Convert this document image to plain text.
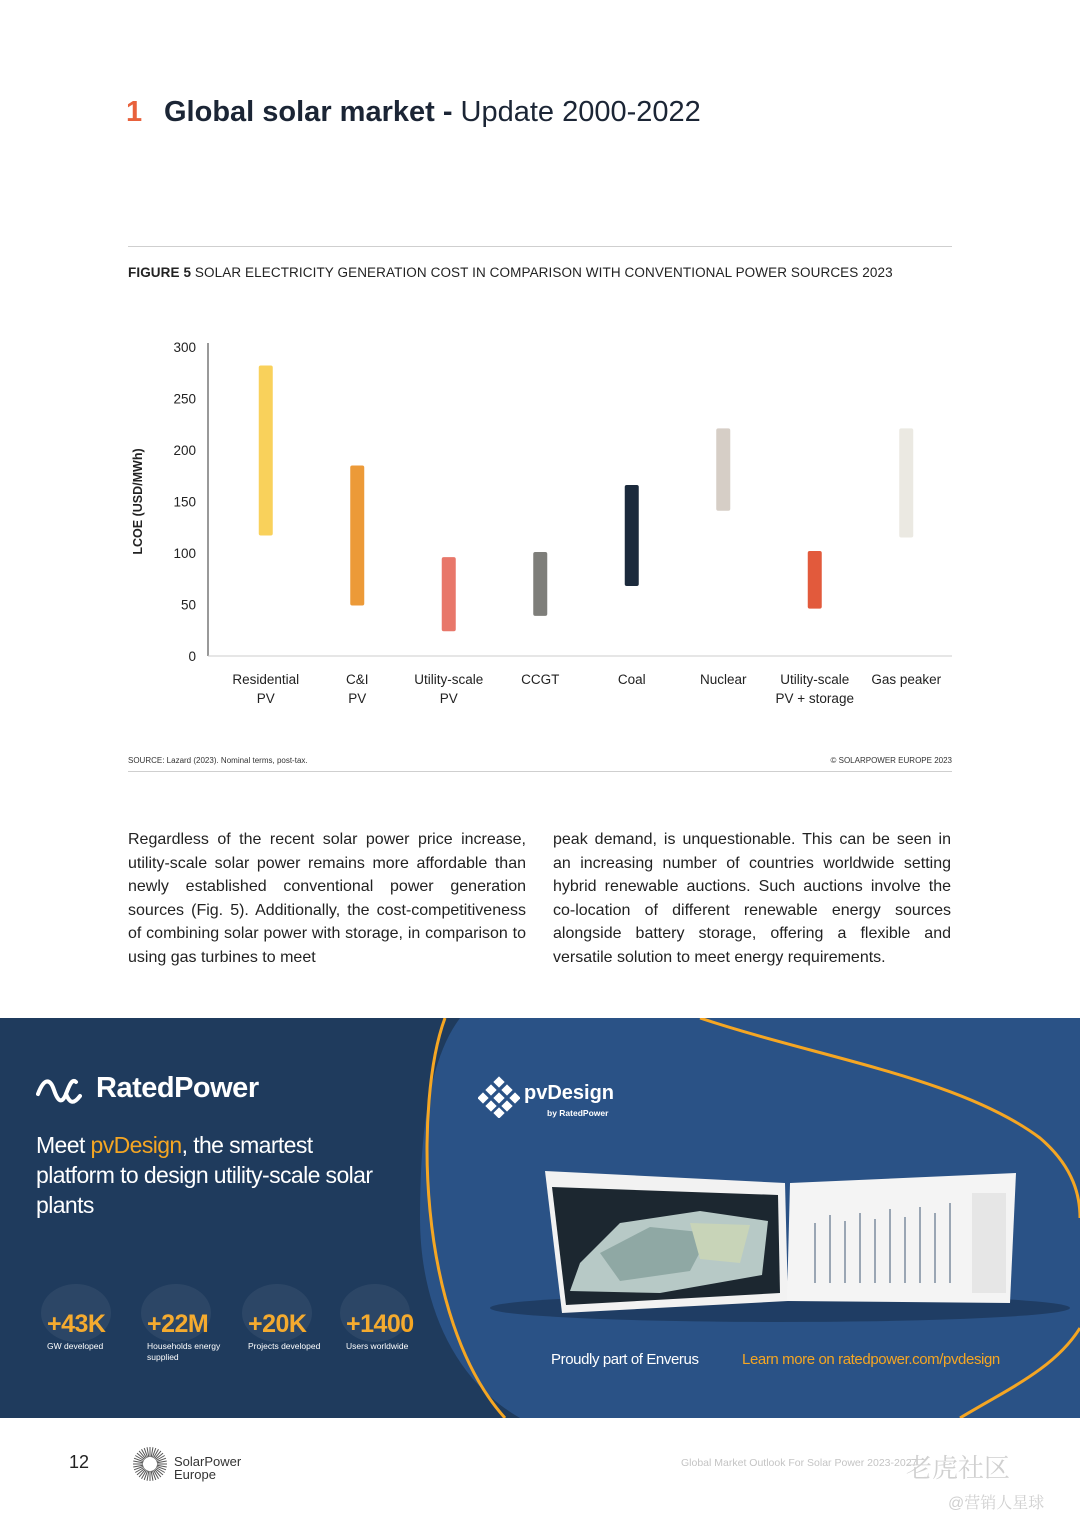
1 Global solar market - Update 2000-2022
FIGURE 5 SOLAR ELECTRICITY GENERATION COST IN COMPARISON WITH CONVENTIONAL POWER SOURCES 2023
0
50
100
150
200
250
300
LCOE (USD/MWh)
Residential
PV
C&I
PV
Utility-scale
PV
CCGT	Coal	Nuclear Utility-scale
PV + storage
Gas peaker
SOURCE: Lazard (2023). Nominal terms, post-tax.	© SOLARPOWER EUROPE 2023
Regardless of the recent solar power price increase, utility-scale solar power remains more affordable than newly established conventional power generation sources (Fig. 5). Additionally, the cost-competitiveness of combining solar power with storage, in comparison to using gas turbines to meet
peak demand, is unquestionable. This can be seen in an increasing number of countries worldwide setting hybrid renewable auctions. Such auctions involve the co-location of different renewable energy sources alongside battery storage, offering a flexible and versatile solution to meet energy requirements.
RatedPower
Meet pvDesign, the smartest platform to design utility-scale solar plants
+43K
GW developed
+22M
Households energy supplied
+20K
Projects developed
+1400
Users worldwide
pvDesign
by RatedPower
Proudly part of Enverus	Learn more on ratedpower.com/pvdesign
12	SolarPower
Europe
Global Market Outlook For Solar Power 2023-2027
老虎社区
@营销人星球
